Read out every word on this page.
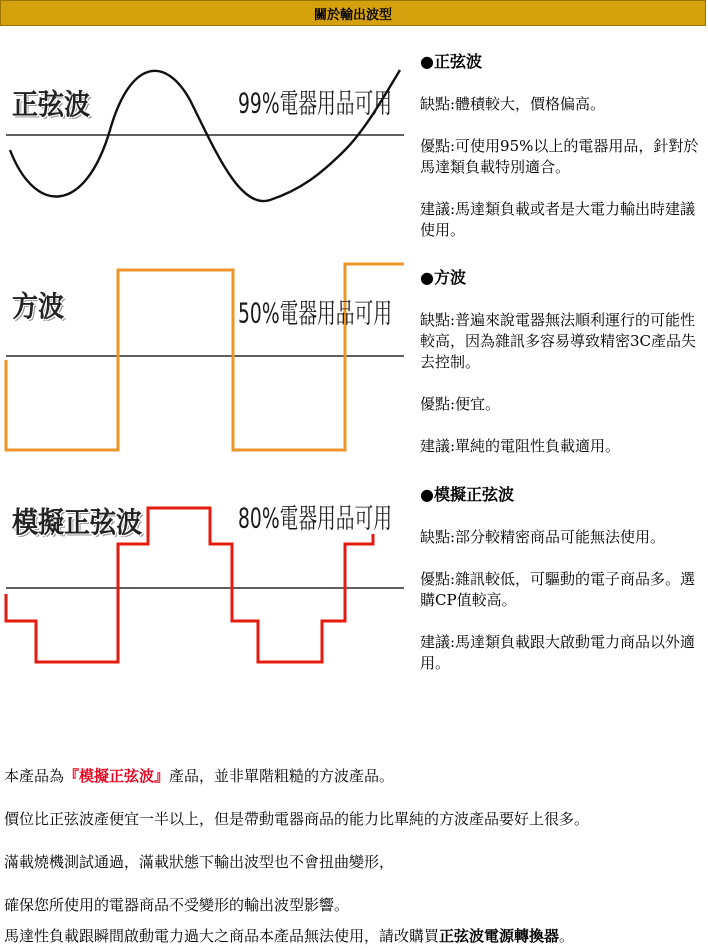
關於輸出波型
正弦波	99%電器用品可用
方波	50%電器用品可用
模擬正弦波	80%電器用品可用
●正弦波

缺點:體積較大，價格偏高。

優點:可使用95%以上的電器用品，針對於馬達類負載特別適合。

建議:馬達類負載或者是大電力輸出時建議使用。

●方波

缺點:普遍來說電器無法順利運行的可能性較高，因為雜訊多容易導致精密3C產品失去控制。

優點:便宜。

建議:單純的電阻性負載適用。

●模擬正弦波

缺點:部分較精密商品可能無法使用。

優點:雜訊較低，可驅動的電子商品多。選購CP值較高。

建議:馬達類負載跟大啟動電力商品以外適用。

本產品為『模擬正弦波』產品，並非單階粗糙的方波產品。

價位比正弦波產便宜一半以上，但是帶動電器商品的能力比單純的方波產品要好上很多。

滿載燒機測試通過，滿載狀態下輸出波型也不會扭曲變形，

確保您所使用的電器商品不受變形的輸出波型影響。

馬達性負載跟瞬間啟動電力過大之商品本產品無法使用，請改購買正弦波電源轉換器。
